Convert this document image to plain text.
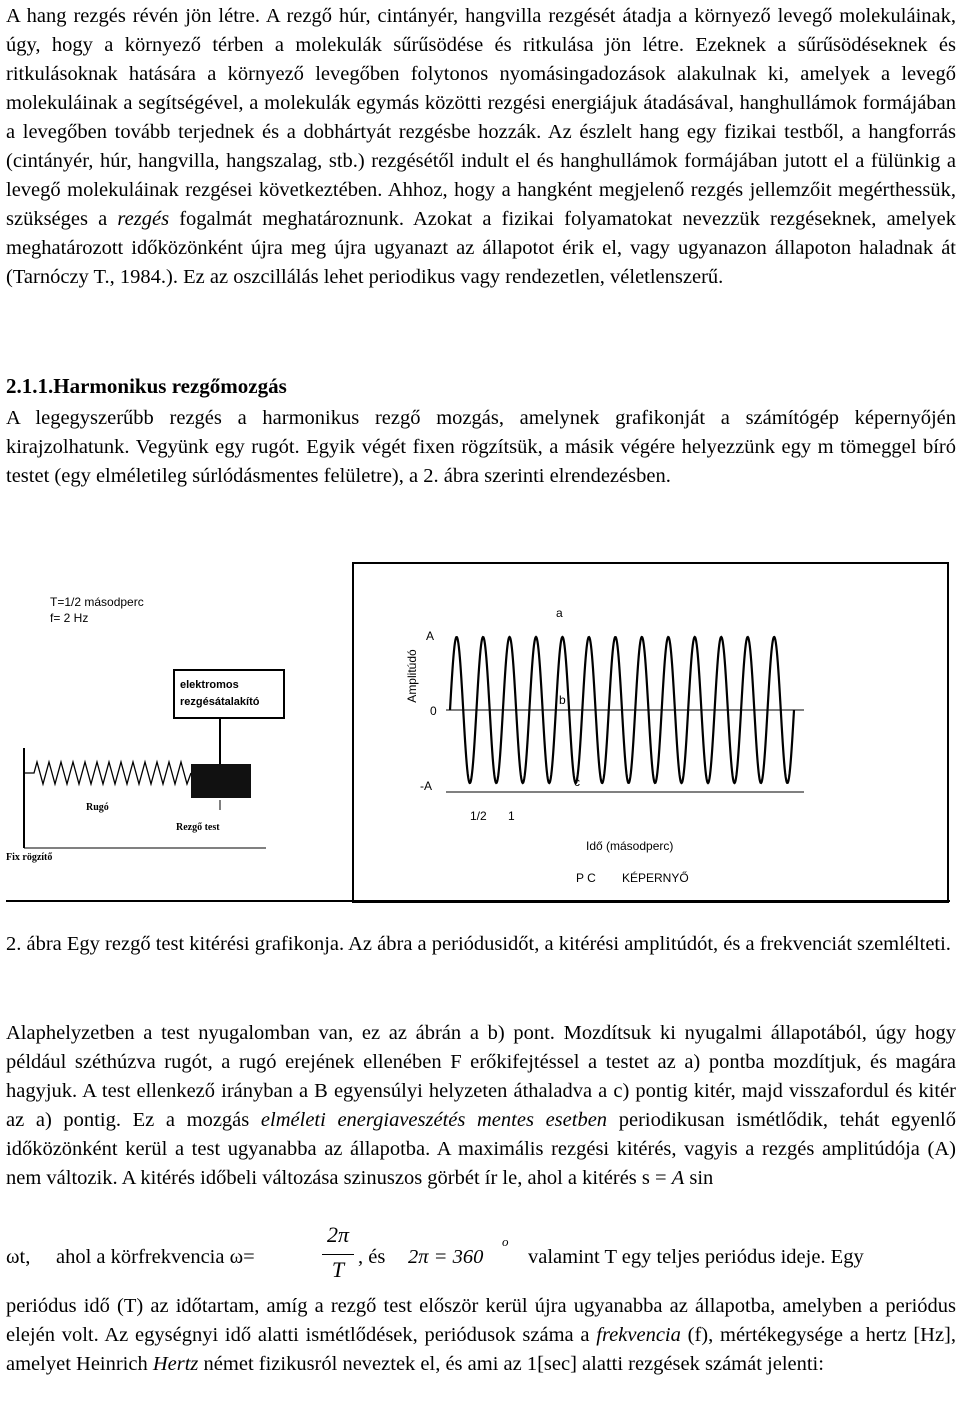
A hang rezgés révén jön létre. A rezgő húr, cintányér, hangvilla rezgését átadja a környező levegő molekuláinak, úgy, hogy a környező térben a molekulák sűrűsödése és ritkulása jön létre. Ezeknek a sűrűsödéseknek és ritkulásoknak hatására a környező levegőben folytonos nyomásingadozások alakulnak ki, amelyek a levegő molekuláinak a segítségével, a molekulák egymás közötti rezgési energiájuk átadásával, hanghullámok formájában a levegőben tovább terjednek és a dobhártyát rezgésbe hozzák. Az észlelt hang egy fizikai testből, a hangforrás (cintányér, húr, hangvilla, hangszalag, stb.) rezgésétől indult el és hanghullámok formájában jutott el a fülünkig a levegő molekuláinak rezgései következtében. Ahhoz, hogy a hangként megjelenő rezgés jellemzőit megérthessük, szükséges a rezgés fogalmát meghatároznunk. Azokat a fizikai folyamatokat nevezzük rezgéseknek, amelyek meghatározott időközönként újra meg újra ugyanazt az állapotot érik el, vagy ugyanazon állapoton haladnak át (Tarnóczy T., 1984.). Ez az oszcillálás lehet periodikus vagy rendezetlen, véletlenszerű.

2.1.1.Harmonikus rezgőmozgás

A legegyszerűbb rezgés a harmonikus rezgő mozgás, amelynek grafikonját a számítógép képernyőjén kirajzolhatunk. Vegyünk egy rugót. Egyik végét fixen rögzítsük, a másik végére helyezzünk egy m tömeggel bíró testet (egy elméletileg súrlódásmentes felületre), a 2. ábra szerinti elrendezésben.

T=1/2 másodperc
f= 2 Hz
elektromos
rezgésátalakító
Rugó
Rezgő test
Fix rögzítő
Amplitúdó
A
0
-A
a
b
c
1/2 1
Idő (másodperc)
P C KÉPERNYŐ

2. ábra Egy rezgő test kitérési grafikonja. Az ábra a periódusidőt, a kitérési amplitúdót, és a frekvenciát szemlélteti.

Alaphelyzetben a test nyugalomban van, ez az ábrán a b) pont. Mozdítsuk ki nyugalmi állapotából, úgy hogy például széthúzva rugót, a rugó erejének ellenében F erőkifejtéssel a testet az a) pontba mozdítjuk, és magára hagyjuk. A test ellenkező irányban a B egyensúlyi helyzeten áthaladva a c) pontig kitér, majd visszafordul és kitér az a) pontig. Ez a mozgás elméleti energiaveszétés mentes esetben periodikusan ismétlődik, tehát egyenlő időközönként kerül a test ugyanabba az állapotba. A maximális rezgési kitérés, vagyis a rezgés amplitúdója (A) nem változik. A kitérés időbeli változása szinuszos görbét ír le, ahol a kitérés s = A sin

ωt, ahol a körfrekvencia ω=
2π
T , és 2π = 360
o
valamint T egy teljes periódus ideje. Egy

periódus idő (T) az időtartam, amíg a rezgő test először kerül újra ugyanabba az állapotba, amelyben a periódus elején volt. Az egységnyi idő alatti ismétlődések, periódusok száma a frekvencia (f), mértékegysége a hertz [Hz], amelyet Heinrich Hertz német fizikusról neveztek el, és ami az 1[sec] alatti rezgések számát jelenti:
